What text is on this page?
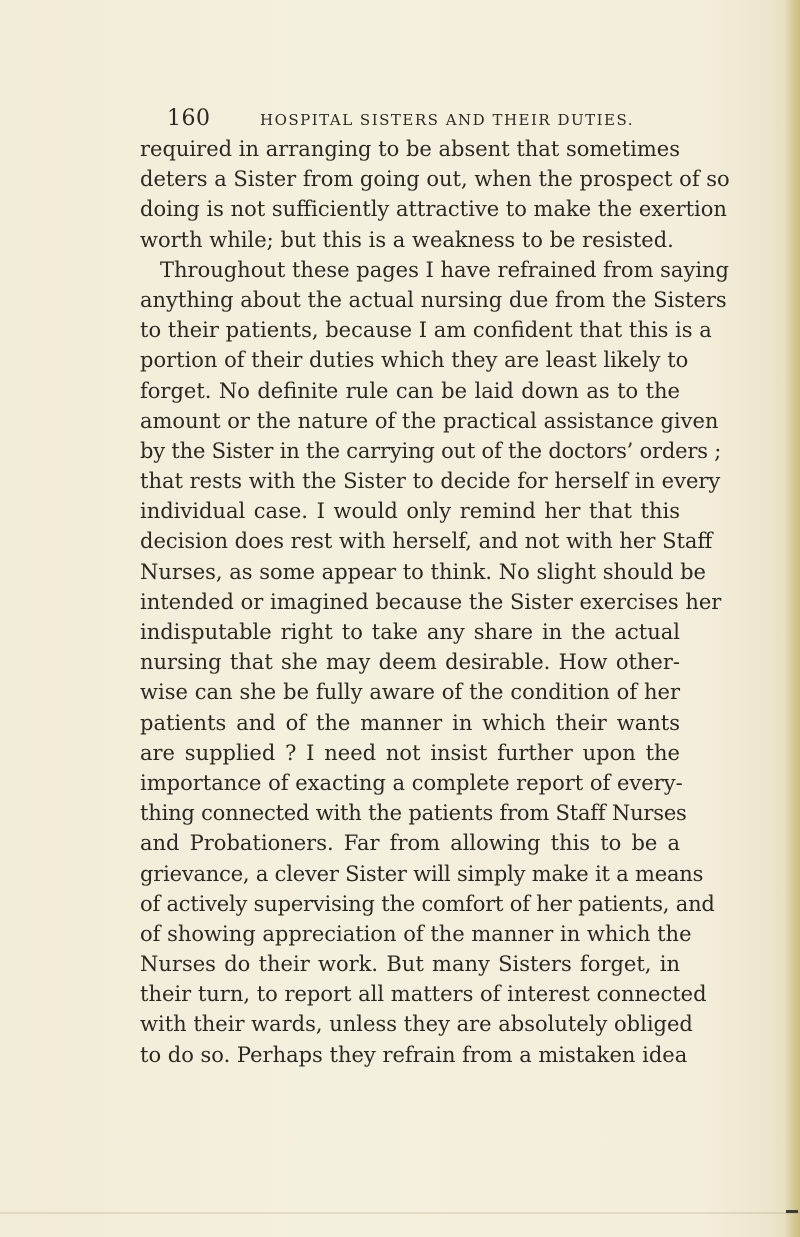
160	HOSPITAL SISTERS AND THEIR DUTIES.
required in arranging to be absent that sometimes
deters a Sister from going out, when the prospect of so
doing is not sufficiently attractive to make the exertion
worth while; but this is a weakness to be resisted.
Throughout these pages I have refrained from saying
anything about the actual nursing due from the Sisters
to their patients, because I am confident that this is a
portion of their duties which they are least likely to
forget. No definite rule can be laid down as to the
amount or the nature of the practical assistance given
by the Sister in the carrying out of the doctors’ orders ;
that rests with the Sister to decide for herself in every
individual case. I would only remind her that this
decision does rest with herself, and not with her Staff
Nurses, as some appear to think. No slight should be
intended or imagined because the Sister exercises her
indisputable right to take any share in the actual
nursing that she may deem desirable. How other-
wise can she be fully aware of the condition of her
patients and of the manner in which their wants
are supplied ? I need not insist further upon the
importance of exacting a complete report of every-
thing connected with the patients from Staff Nurses
and Probationers. Far from allowing this to be a
grievance, a clever Sister will simply make it a means
of actively supervising the comfort of her patients, and
of showing appreciation of the manner in which the
Nurses do their work. But many Sisters forget, in
their turn, to report all matters of interest connected
with their wards, unless they are absolutely obliged
to do so. Perhaps they refrain from a mistaken idea
